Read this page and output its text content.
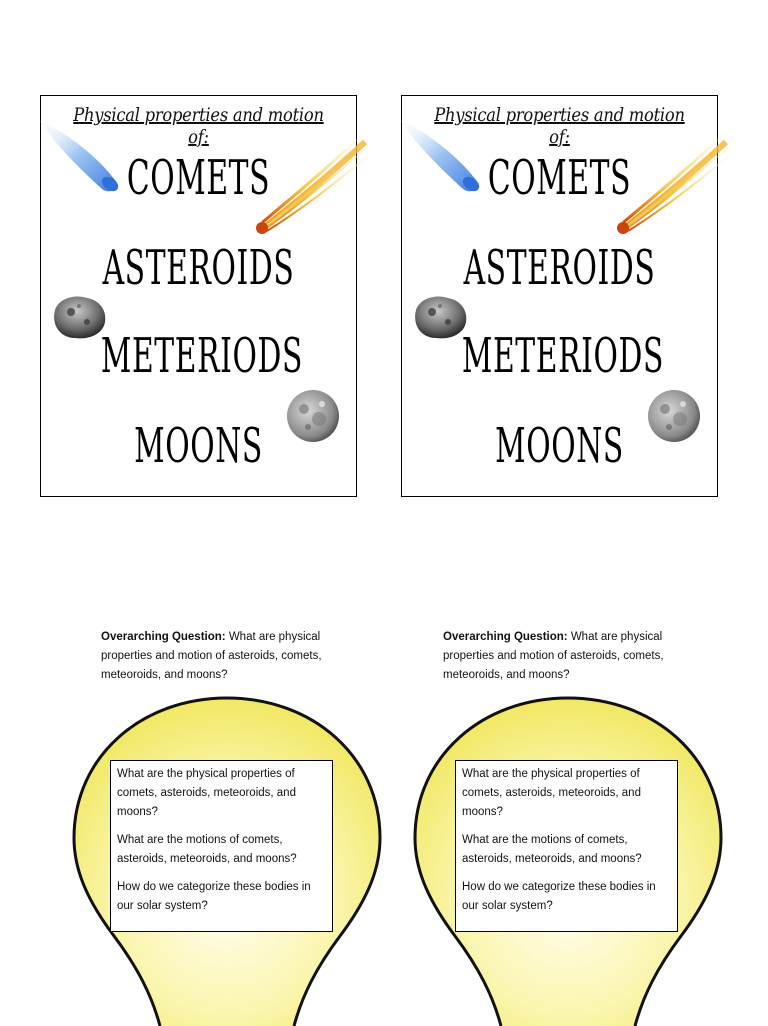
Physical properties and motion of:
COMETS
ASTEROIDS
METERIODS
MOONS
Physical properties and motion of:
COMETS
ASTEROIDS
METERIODS
MOONS
Overarching Question: What are physical properties and motion of asteroids, comets, meteoroids, and moons?
Overarching Question: What are physical properties and motion of asteroids, comets, meteoroids, and moons?

What are the physical properties of comets, asteroids, meteoroids, and moons?

What are the motions of comets, asteroids, meteoroids, and moons?

How do we categorize these bodies in our solar system?

What are the physical properties of comets, asteroids, meteoroids, and moons?

What are the motions of comets, asteroids, meteoroids, and moons?

How do we categorize these bodies in our solar system?
